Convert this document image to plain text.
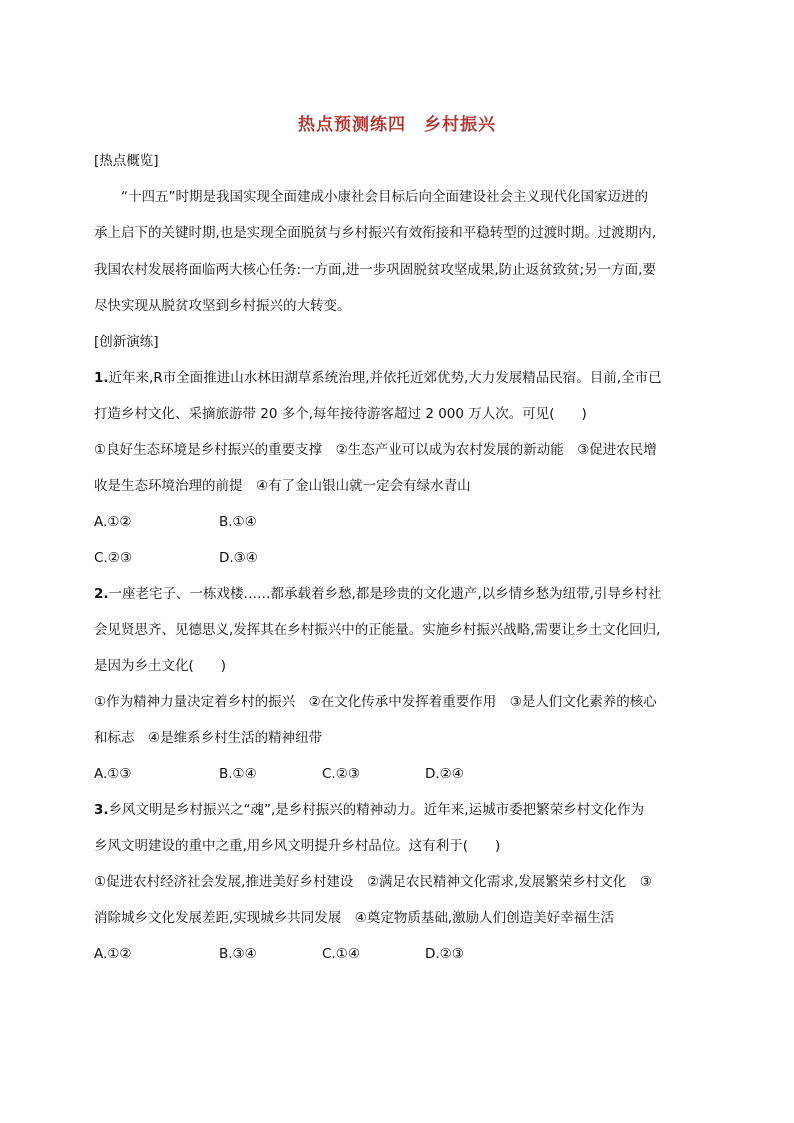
热点预测练四　乡村振兴
[热点概览]
“十四五”时期是我国实现全面建成小康社会目标后向全面建设社会主义现代化国家迈进的
承上启下的关键时期,也是实现全面脱贫与乡村振兴有效衔接和平稳转型的过渡时期。过渡期内,
我国农村发展将面临两大核心任务:一方面,进一步巩固脱贫攻坚成果,防止返贫致贫;另一方面,要
尽快实现从脱贫攻坚到乡村振兴的大转变。
[创新演练]
1.近年来,R市全面推进山水林田湖草系统治理,并依托近郊优势,大力发展精品民宿。目前,全市已
打造乡村文化、采摘旅游带 20 多个,每年接待游客超过 2 000 万人次。可见(　　)
①良好生态环境是乡村振兴的重要支撑　②生态产业可以成为农村发展的新动能　③促进农民增
收是生态环境治理的前提　④有了金山银山就一定会有绿水青山
A.①②	B.①④
C.②③	D.③④
2.一座老宅子、一栋戏楼……都承载着乡愁,都是珍贵的文化遗产,以乡情乡愁为纽带,引导乡村社
会见贤思齐、见德思义,发挥其在乡村振兴中的正能量。实施乡村振兴战略,需要让乡土文化回归,
是因为乡土文化(　　)
①作为精神力量决定着乡村的振兴　②在文化传承中发挥着重要作用　③是人们文化素养的核心
和标志　④是维系乡村生活的精神纽带
A.①③	B.①④	C.②③	D.②④
3.乡风文明是乡村振兴之“魂”,是乡村振兴的精神动力。近年来,运城市委把繁荣乡村文化作为
乡风文明建设的重中之重,用乡风文明提升乡村品位。这有利于(　　)
①促进农村经济社会发展,推进美好乡村建设　②满足农民精神文化需求,发展繁荣乡村文化　③
消除城乡文化发展差距,实现城乡共同发展　④奠定物质基础,激励人们创造美好幸福生活
A.①②	B.③④	C.①④	D.②③
